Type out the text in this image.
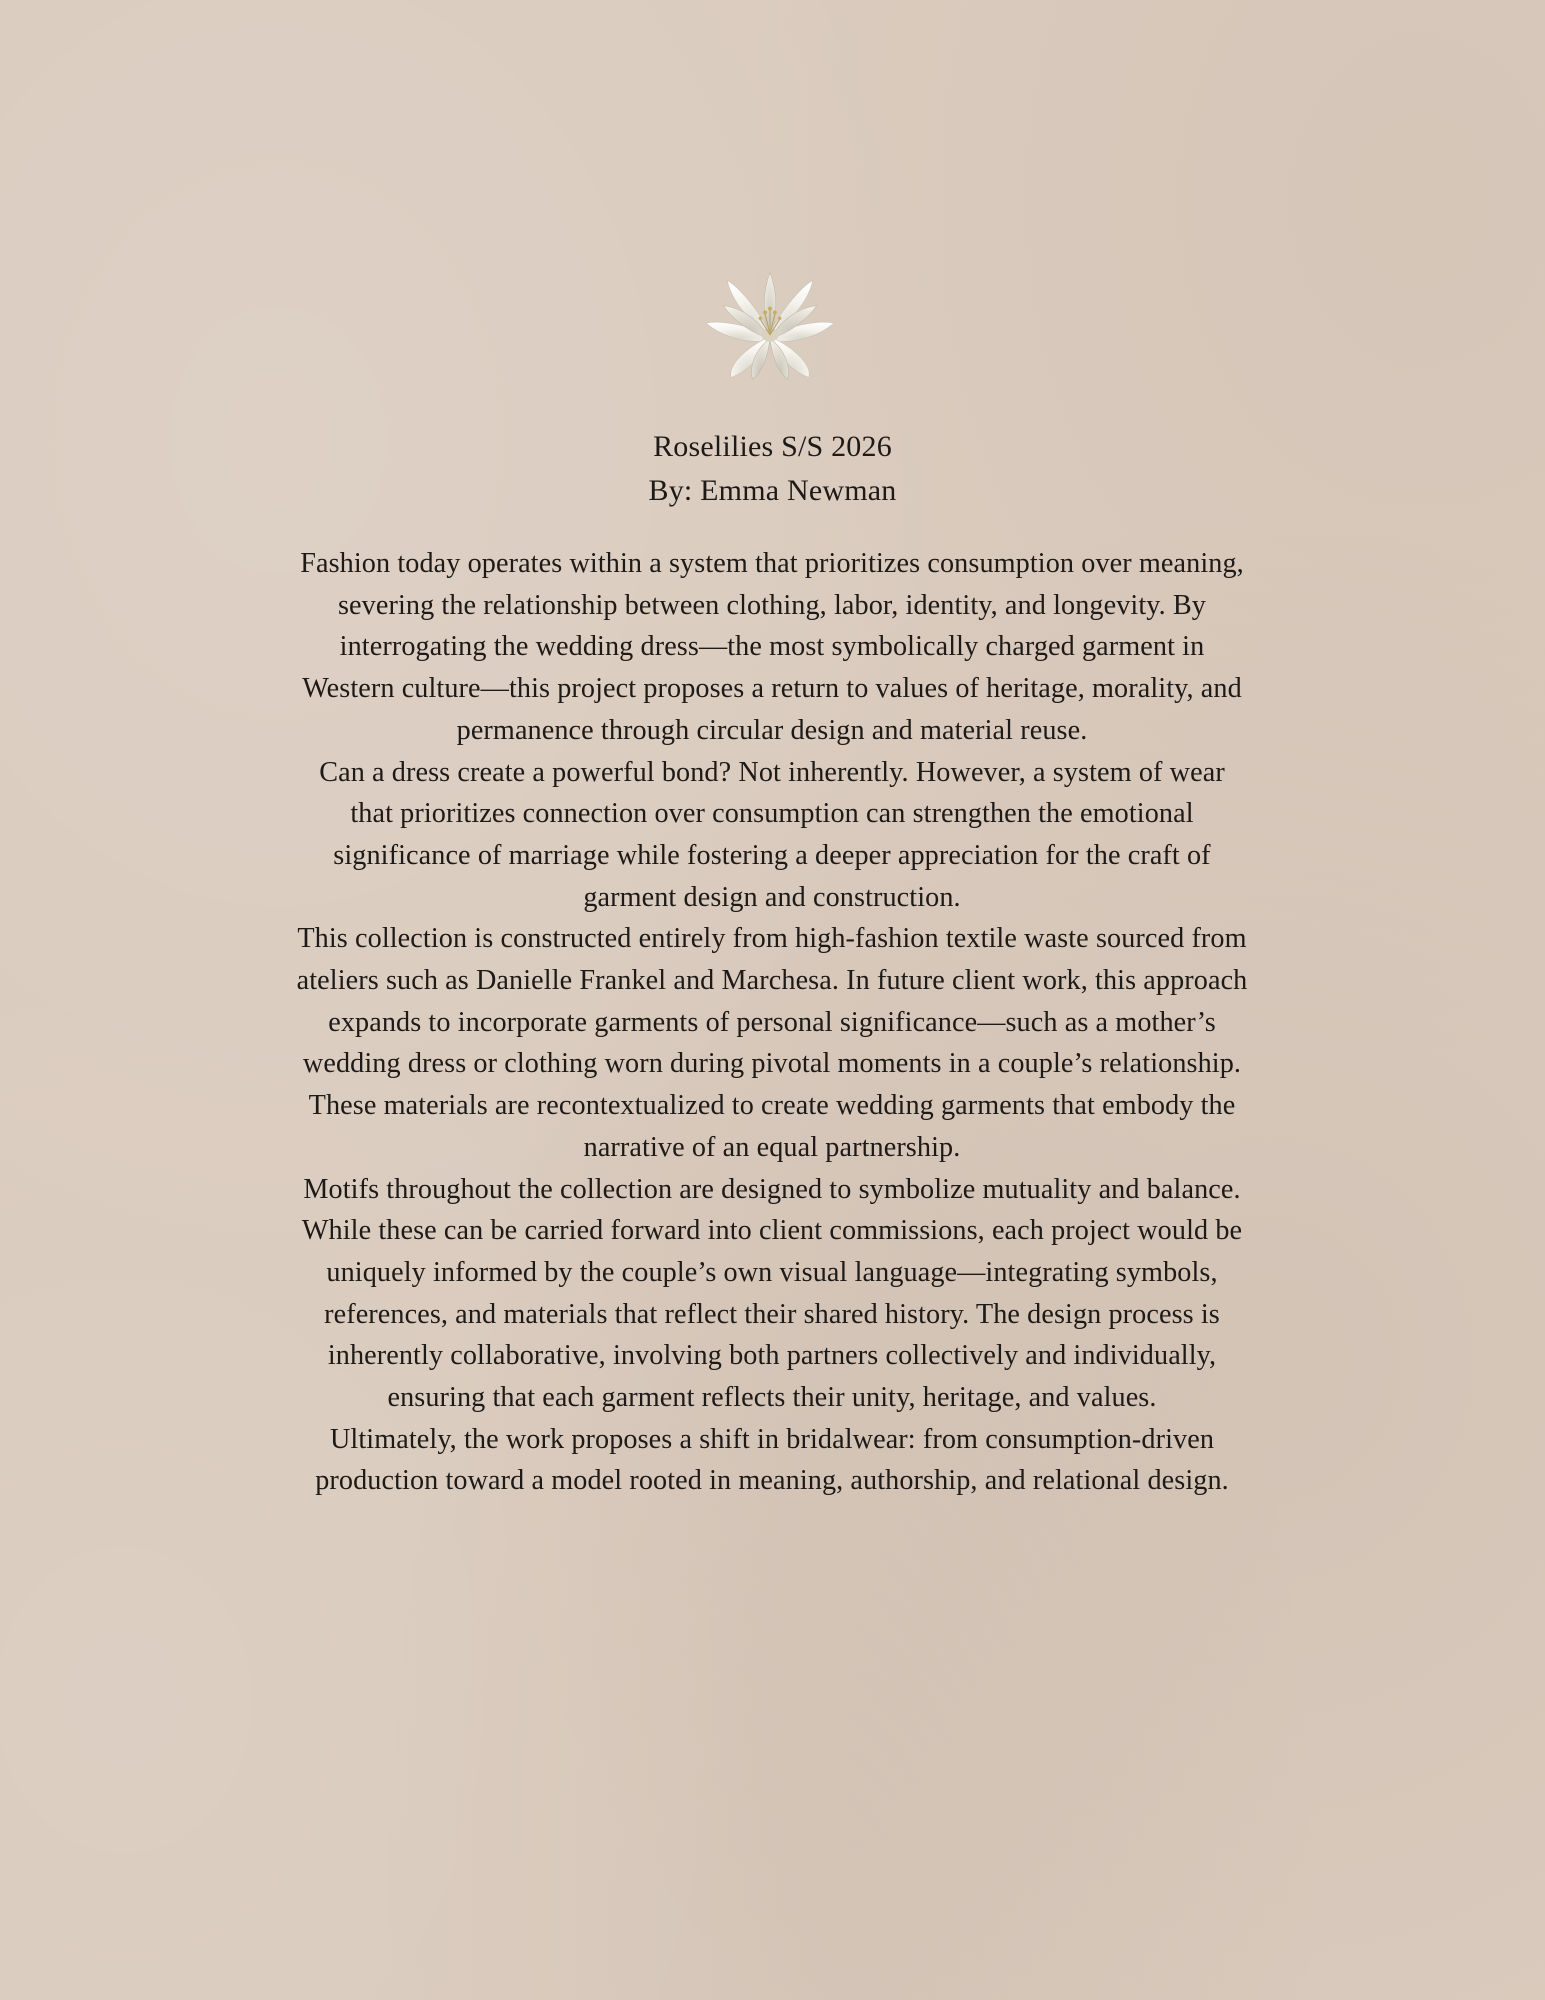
Roselilies S/S 2026
By: Emma Newman

Fashion today operates within a system that prioritizes consumption over meaning, severing the relationship between clothing, labor, identity, and longevity. By interrogating the wedding dress—the most symbolically charged garment in Western culture—this project proposes a return to values of heritage, morality, and permanence through circular design and material reuse.

Can a dress create a powerful bond? Not inherently. However, a system of wear that prioritizes connection over consumption can strengthen the emotional significance of marriage while fostering a deeper appreciation for the craft of garment design and construction.

This collection is constructed entirely from high-fashion textile waste sourced from ateliers such as Danielle Frankel and Marchesa. In future client work, this approach expands to incorporate garments of personal significance—such as a mother’s wedding dress or clothing worn during pivotal moments in a couple’s relationship. These materials are recontextualized to create wedding garments that embody the narrative of an equal partnership.

Motifs throughout the collection are designed to symbolize mutuality and balance. While these can be carried forward into client commissions, each project would be uniquely informed by the couple’s own visual language—integrating symbols, references, and materials that reflect their shared history. The design process is inherently collaborative, involving both partners collectively and individually, ensuring that each garment reflects their unity, heritage, and values.

Ultimately, the work proposes a shift in bridalwear: from consumption-driven production toward a model rooted in meaning, authorship, and relational design.
